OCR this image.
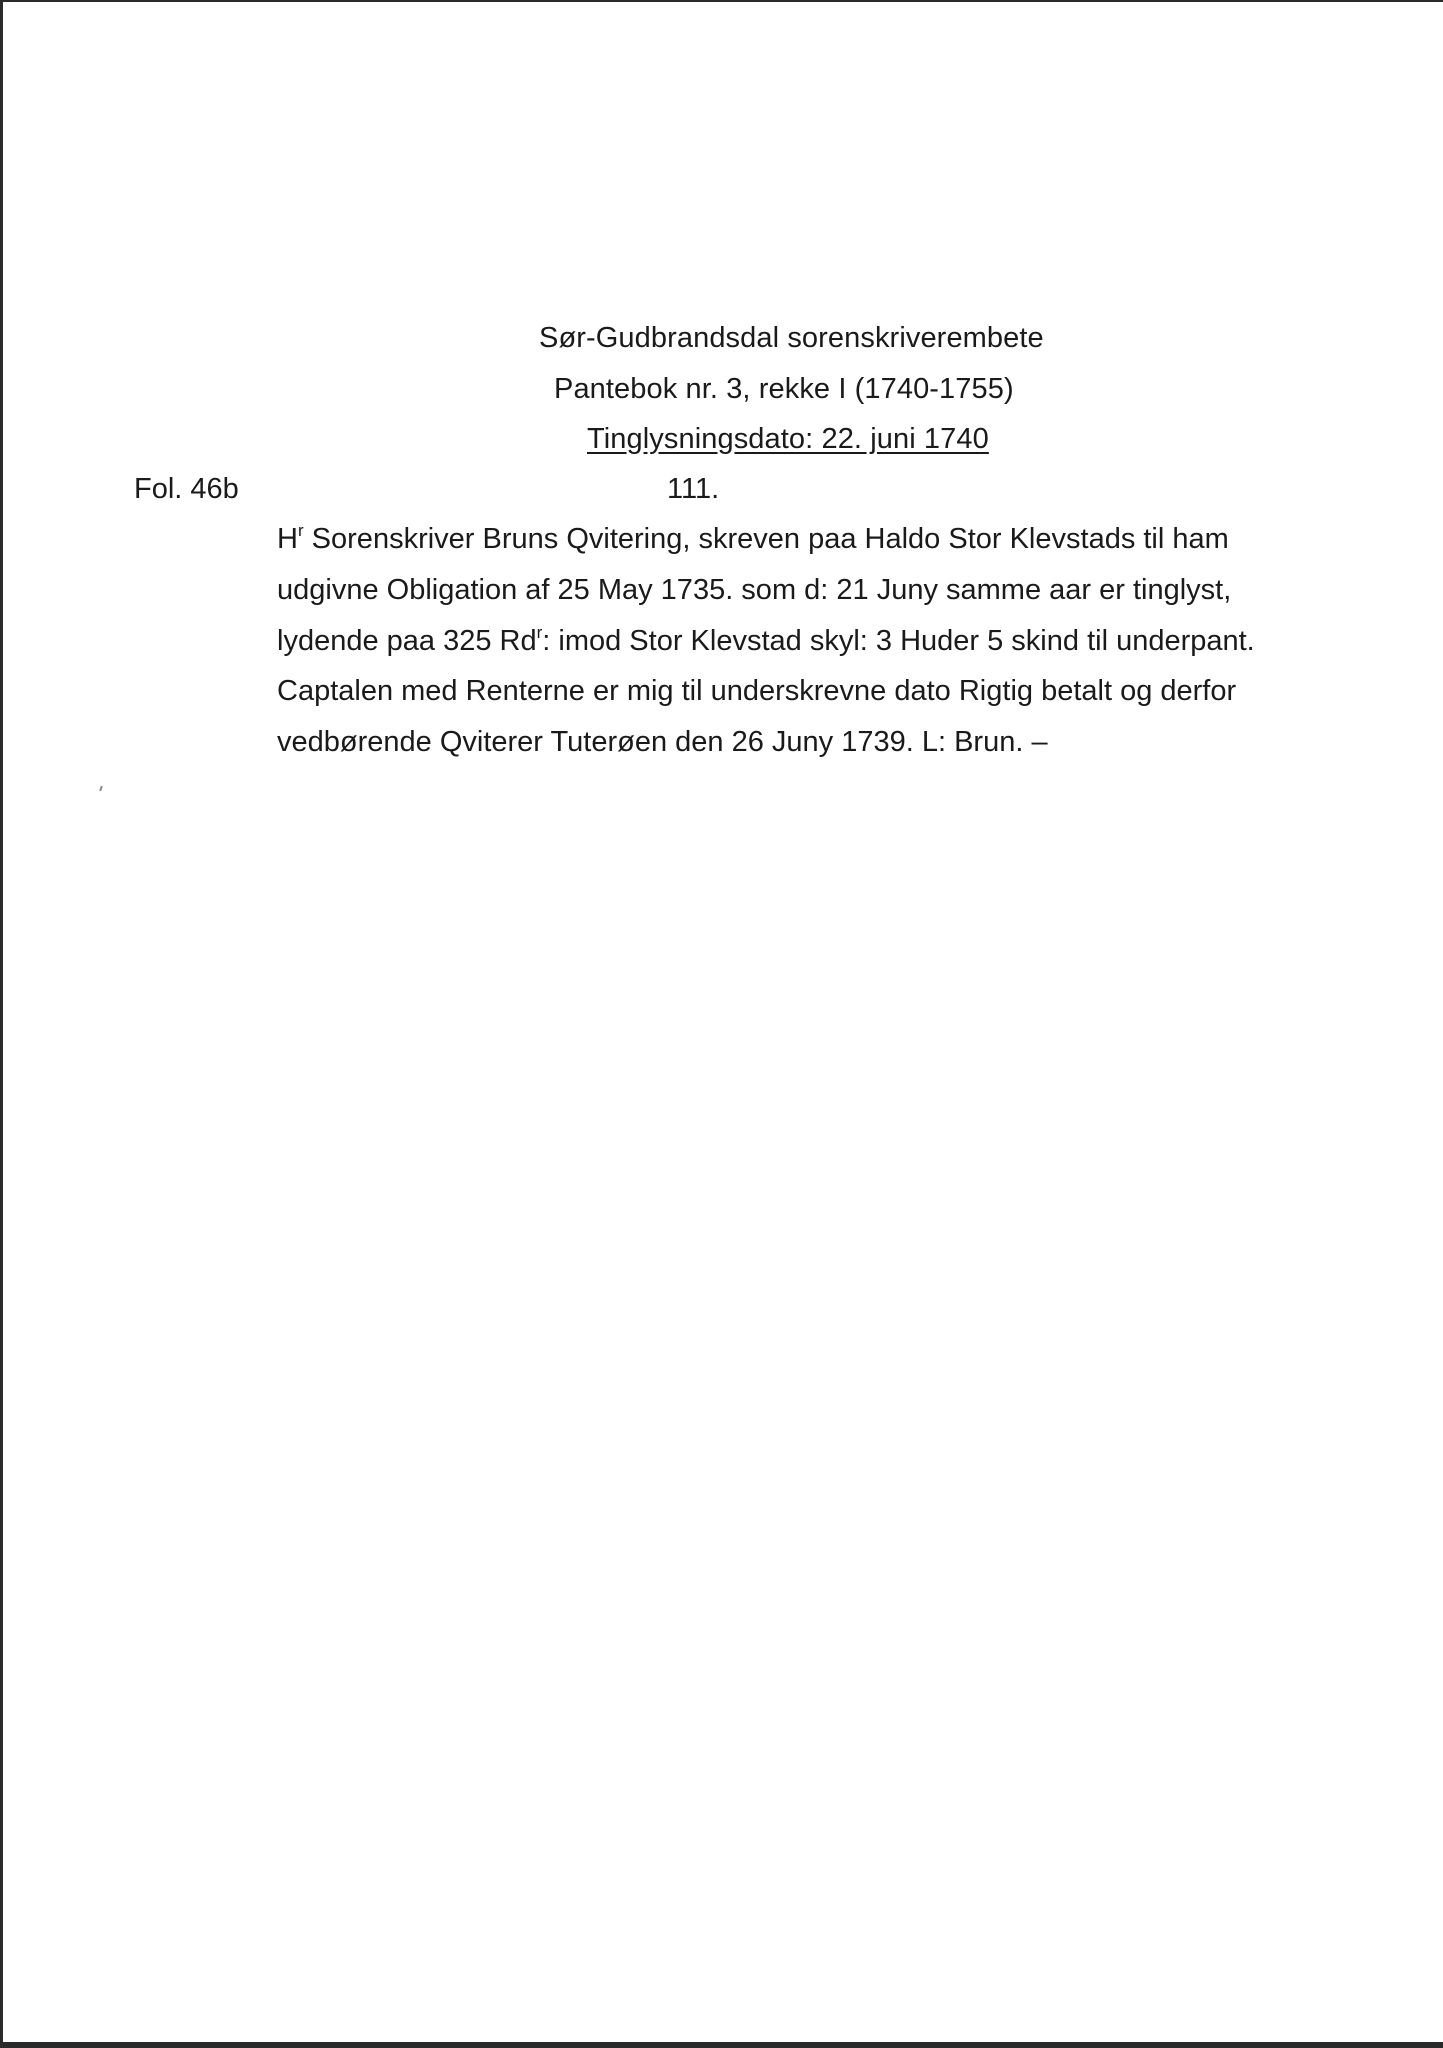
Sør-Gudbrandsdal sorenskriverembete
Pantebok nr. 3, rekke I (1740-1755)
Tinglysningsdato: 22. juni 1740
Fol. 46b	111.
$H^r$ Sorenskriver Bruns Qvitering, skreven paa Haldo Stor Klevstads til ham
udgivne Obligation af 25 May 1735. som d: 21 Juny samme aar er tinglyst,
lydende paa 325 Rd$^r$: imod Stor Klevstad skyl: 3 Huder 5 skind til underpant.
Captalen med Renterne er mig til underskrevne dato Rigtig betalt og derfor
vedbørende Qviterer Tuterøen den 26 Juny 1739. L: Brun. –
